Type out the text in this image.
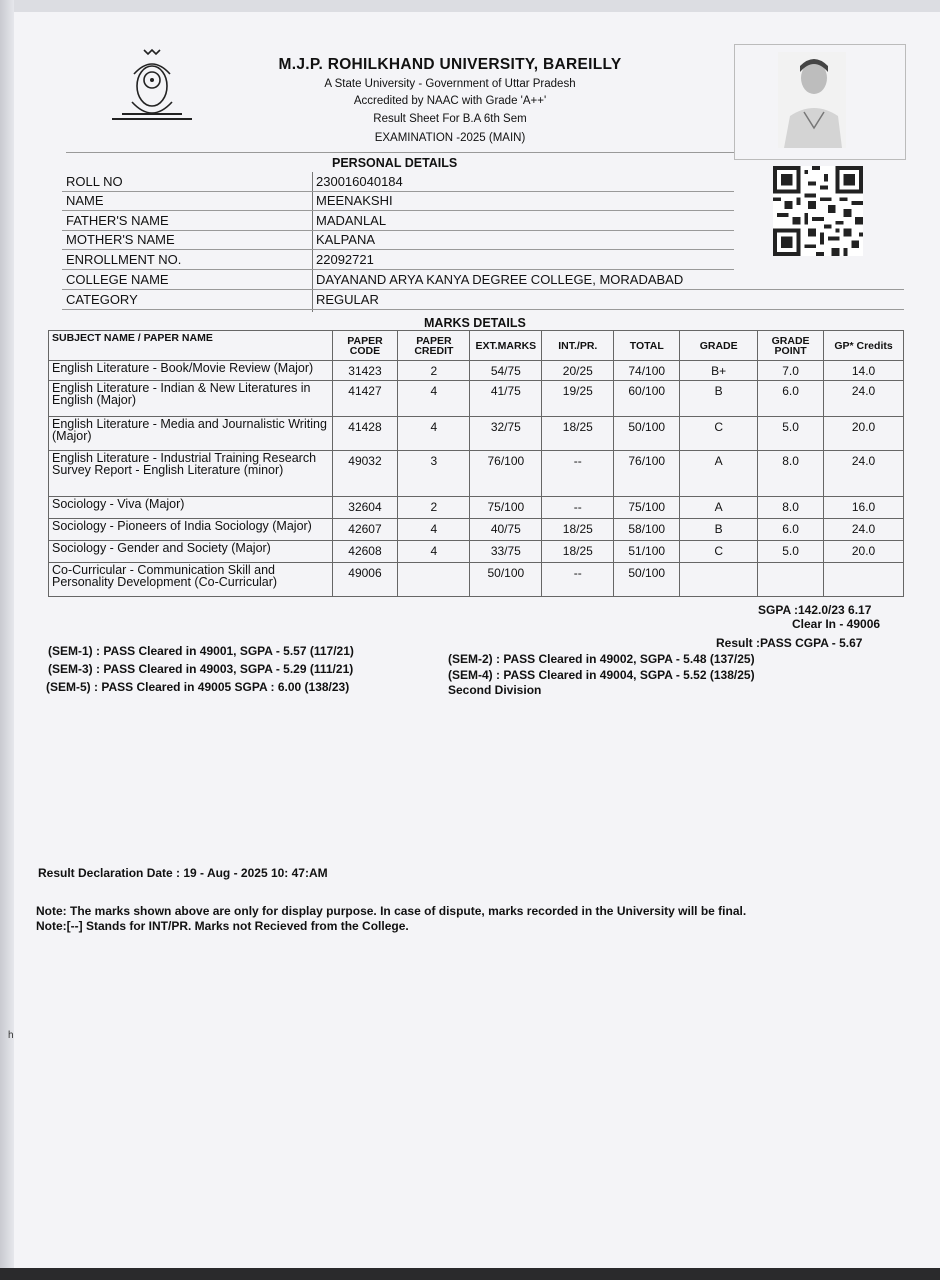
M.J.P. ROHILKHAND UNIVERSITY, BAREILLY
A State University - Government of Uttar Pradesh
Accredited by NAAC with Grade 'A++'
Result Sheet For B.A 6th Sem
EXAMINATION -2025 (MAIN)
PERSONAL DETAILS
ROLL NO	230016040184
NAME	MEENAKSHI
FATHER'S NAME	MADANLAL
MOTHER'S NAME	KALPANA
ENROLLMENT NO.	22092721
COLLEGE NAME	DAYANAND ARYA KANYA DEGREE COLLEGE, MORADABAD
CATEGORY	REGULAR
MARKS DETAILS
SUBJECT NAME / PAPER NAME	PAPER CODE	PAPER CREDIT	EXT.MARKS	INT./PR.	TOTAL	GRADE	GRADE POINT	GP* Credits
English Literature - Book/Movie Review (Major)	31423	2	54/75	20/25	74/100	B+	7.0	14.0
English Literature - Indian & New Literatures in English (Major)	41427	4	41/75	19/25	60/100	B	6.0	24.0
English Literature - Media and Journalistic Writing (Major)	41428	4	32/75	18/25	50/100	C	5.0	20.0
English Literature - Industrial Training Research Survey Report - English Literature (minor)	49032	3	76/100	--	76/100	A	8.0	24.0
Sociology - Viva (Major)	32604	2	75/100	--	75/100	A	8.0	16.0
Sociology - Pioneers of India Sociology (Major)	42607	4	40/75	18/25	58/100	B	6.0	24.0
Sociology - Gender and Society (Major)	42608	4	33/75	18/25	51/100	C	5.0	20.0
Co-Curricular - Communication Skill and Personality Development (Co-Curricular)	49006		50/100	--	50/100			
SGPA :142.0/23 6.17
Clear In - 49006
Result :PASS CGPA - 5.67
(SEM-1) : PASS Cleared in 49001, SGPA - 5.57 (117/21)
(SEM-3) : PASS Cleared in 49003, SGPA - 5.29 (111/21)
(SEM-5) : PASS Cleared in 49005 SGPA : 6.00 (138/23)
(SEM-2) : PASS Cleared in 49002, SGPA - 5.48 (137/25)
(SEM-4) : PASS Cleared in 49004, SGPA - 5.52 (138/25)
Second Division
Result Declaration Date : 19 - Aug - 2025 10: 47:AM
Note: The marks shown above are only for display purpose. In case of dispute, marks recorded in the University will be final.
Note:[--] Stands for INT/PR. Marks not Recieved from the College.
h
